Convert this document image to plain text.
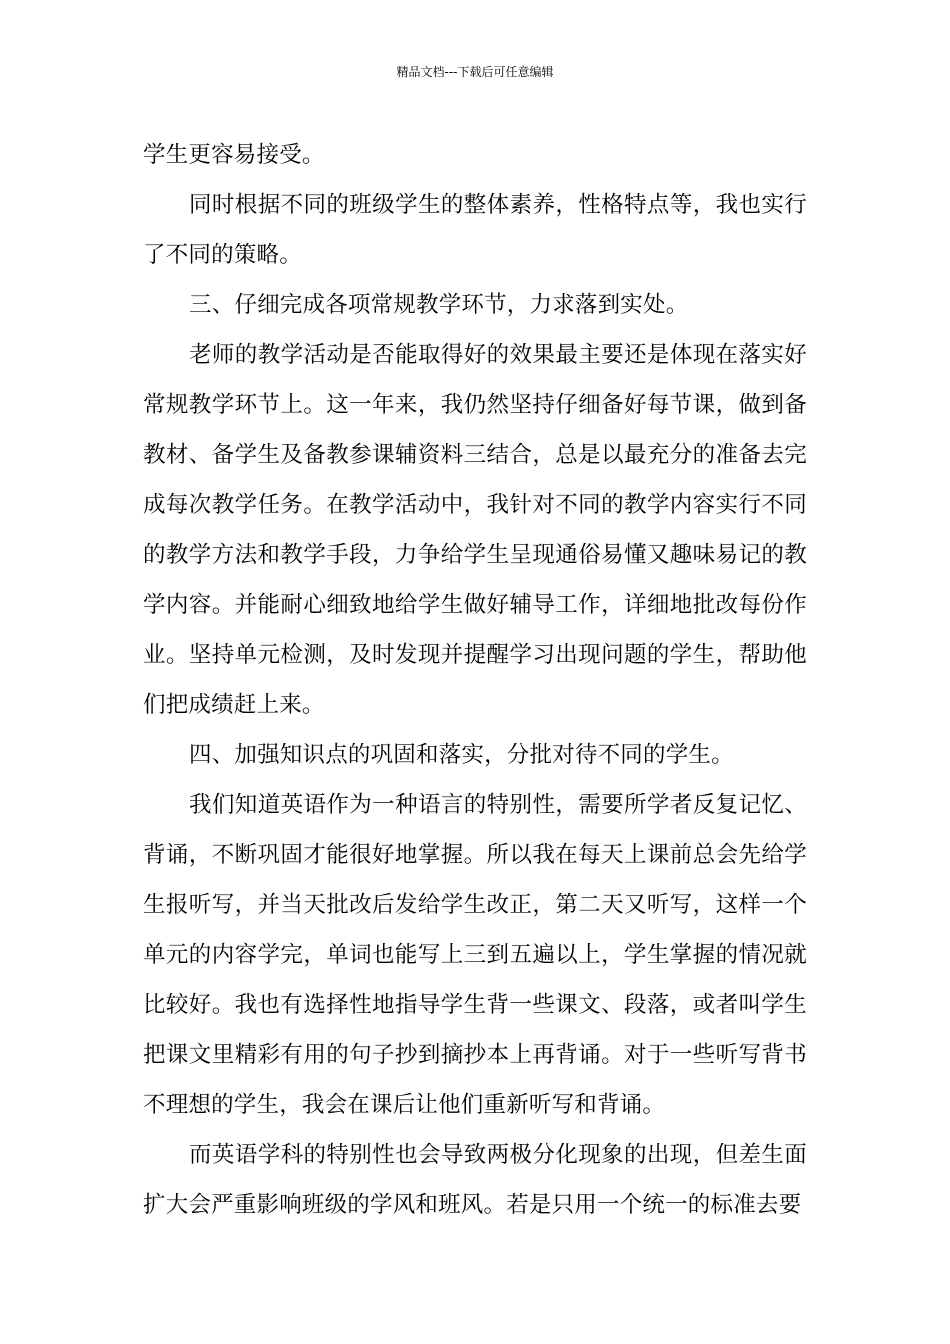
精品文档---下载后可任意编辑

学生更容易接受。

同时根据不同的班级学生的整体素养，性格特点等，我也实行了不同的策略。

三、仔细完成各项常规教学环节，力求落到实处。

老师的教学活动是否能取得好的效果最主要还是体现在落实好常规教学环节上。这一年来，我仍然坚持仔细备好每节课，做到备教材、备学生及备教参课辅资料三结合，总是以最充分的准备去完成每次教学任务。在教学活动中，我针对不同的教学内容实行不同的教学方法和教学手段，力争给学生呈现通俗易懂又趣味易记的教学内容。并能耐心细致地给学生做好辅导工作，详细地批改每份作业。坚持单元检测，及时发现并提醒学习出现问题的学生，帮助他们把成绩赶上来。

四、加强知识点的巩固和落实，分批对待不同的学生。

我们知道英语作为一种语言的特别性，需要所学者反复记忆、背诵，不断巩固才能很好地掌握。所以我在每天上课前总会先给学生报听写，并当天批改后发给学生改正，第二天又听写，这样一个单元的内容学完，单词也能写上三到五遍以上，学生掌握的情况就比较好。我也有选择性地指导学生背一些课文、段落，或者叫学生把课文里精彩有用的句子抄到摘抄本上再背诵。对于一些听写背书不理想的学生，我会在课后让他们重新听写和背诵。

而英语学科的特别性也会导致两极分化现象的出现，但差生面扩大会严重影响班级的学风和班风。若是只用一个统一的标准去要
